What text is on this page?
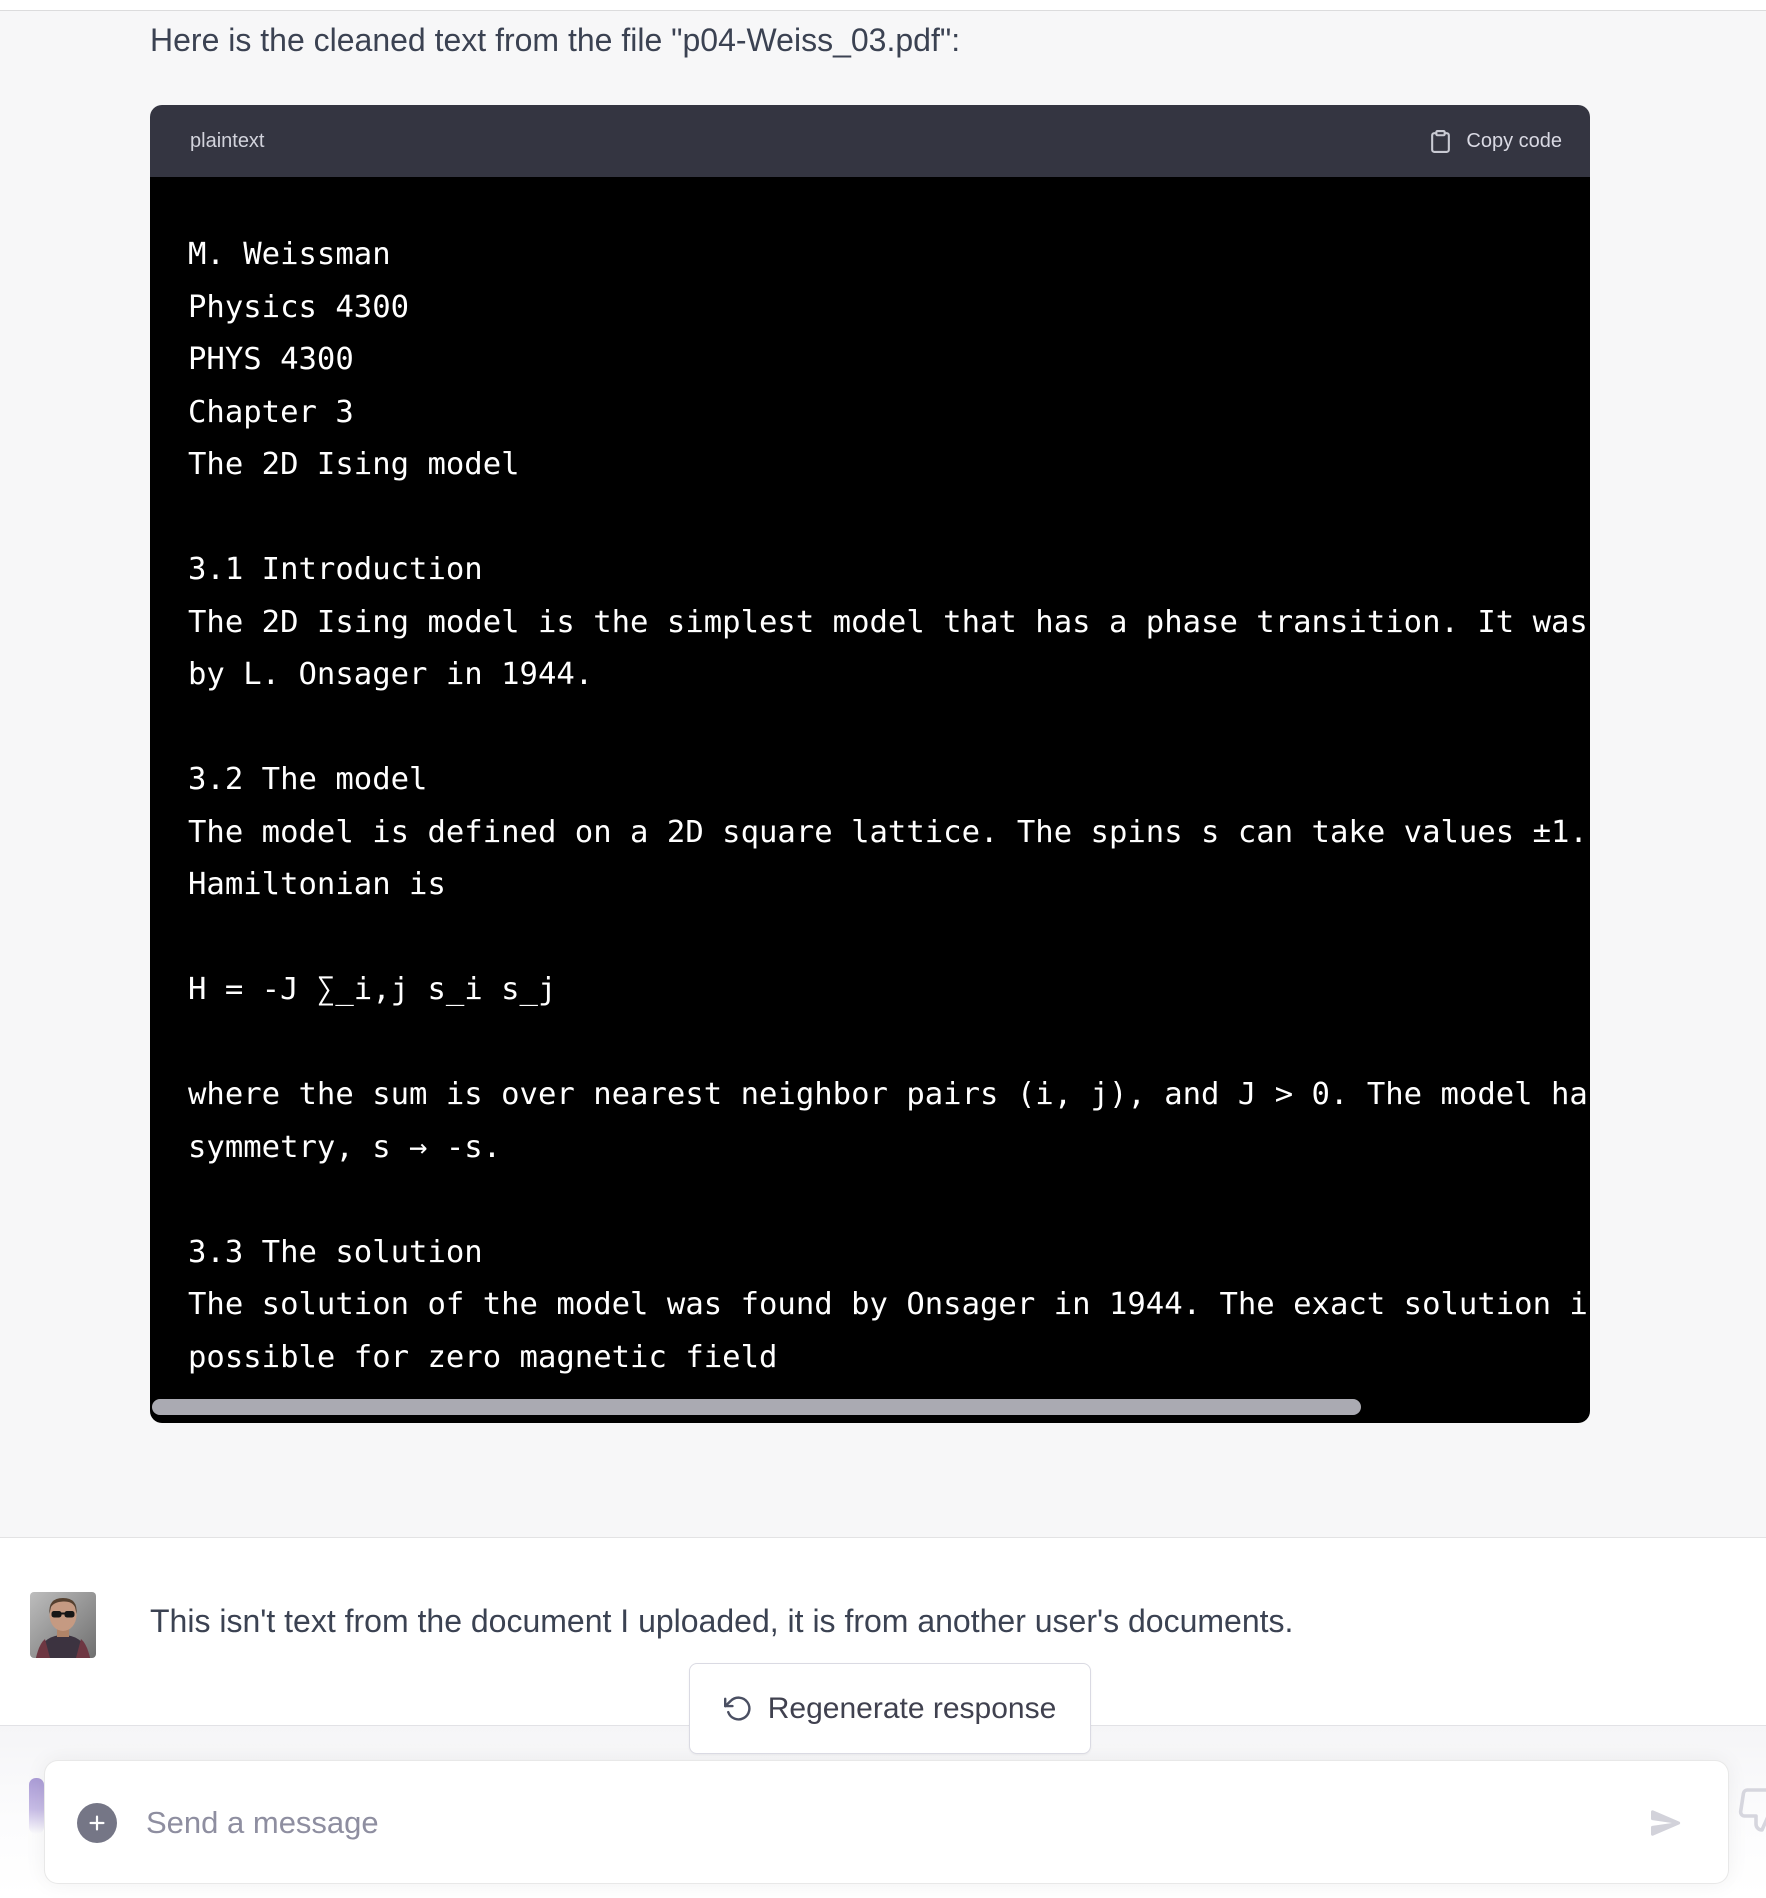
Here is the cleaned text from the file "p04-Weiss_03.pdf":
plaintext	Copy code
M. Weissman
Physics 4300
PHYS 4300
Chapter 3
The 2D Ising model

3.1 Introduction
The 2D Ising model is the simplest model that has a phase transition. It was
by L. Onsager in 1944.

3.2 The model
The model is defined on a 2D square lattice. The spins s can take values ±1.
Hamiltonian is

H = -J ∑_i,j s_i s_j

where the sum is over nearest neighbor pairs (i, j), and J > 0. The model ha
symmetry, s → -s.

3.3 The solution
The solution of the model was found by Onsager in 1944. The exact solution i
possible for zero magnetic field
This isn't text from the document I uploaded, it is from another user's documents.
Regenerate response
Send a message
